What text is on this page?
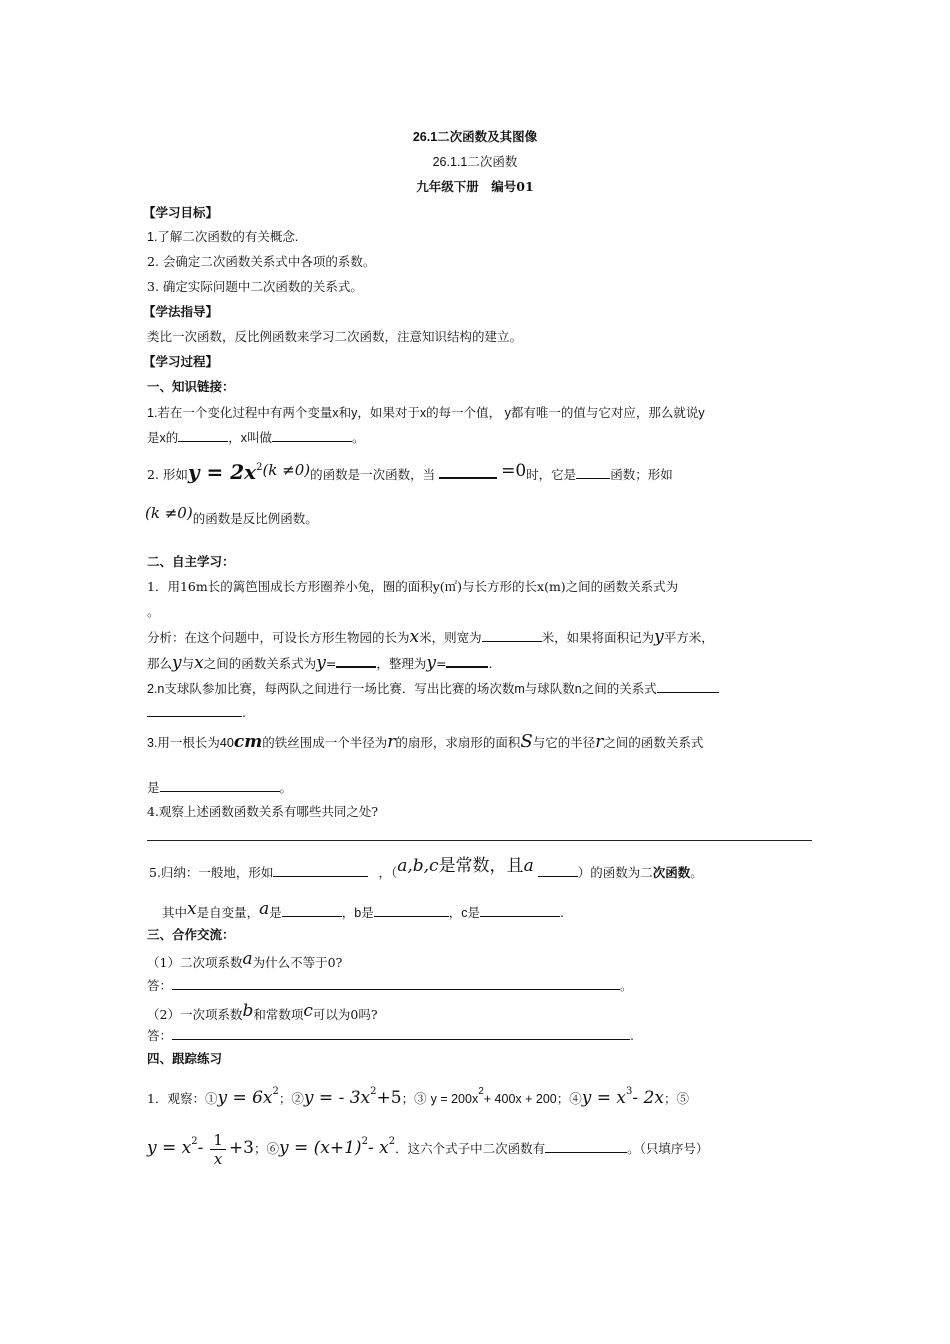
26.1二次函数及其图像
26.1.1二次函数
九年级下册　编号01
【学习目标】
1.了解二次函数的有关概念.
2. 会确定二次函数关系式中各项的系数。
3. 确定实际问题中二次函数的关系式。
【学法指导】
类比一次函数，反比例函数来学习二次函数，注意知识结构的建立。
【学习过程】
一、知识链接：
1.若在一个变化过程中有两个变量x和y，如果对于x的每一个值， y都有唯一的值与它对应，那么就说y
是x的	，x叫做	。
2. 形如$y = 2x^2(k \ne 0)$的函数是一次函数，当	=0时，它是	函数；形如
(k ≠0)的函数是反比例函数。
二、自主学习：
1．用16m长的篱笆围成长方形圈养小兔，圈的面积y(㎡)与长方形的长x(m)之间的函数关系式为
。
分析：在这个问题中，可设长方形生物园的长为x米，则宽为	米，如果将面积记为y平方米，
那么y与x之间的函数关系式为y=	，整理为y=	.
2.n支球队参加比赛，每两队之间进行一场比赛．写出比赛的场次数m与球队数n之间的关系式
.
3.用一根长为40cm的铁丝围成一个半径为r的扇形，求扇形的面积S与它的半径r之间的函数关系式
是	。
4.观察上述函数函数关系有哪些共同之处?
5.归纳：一般地，形如	，（a,b,c是常数，且a	）的函数为二次函数。
其中x是自变量，a是	，b是	，c是	.
三、合作交流：
（1）二次项系数a为什么不等于0?
答：	。
（2）一次项系数b和常数项c可以为0吗?
答：	.
四、跟踪练习
1．观察：①y = $6x^2$；②y = - $3x^2+5$；③ $y = 200x^2+ 400x + 200$；④y = $x^3-$ 2x；⑤
$y = x^2- \frac{1}{x} +3$；⑥y = $(x+1)^2-$ $x^2$．这六个式子中二次函数有	。（只填序号）
